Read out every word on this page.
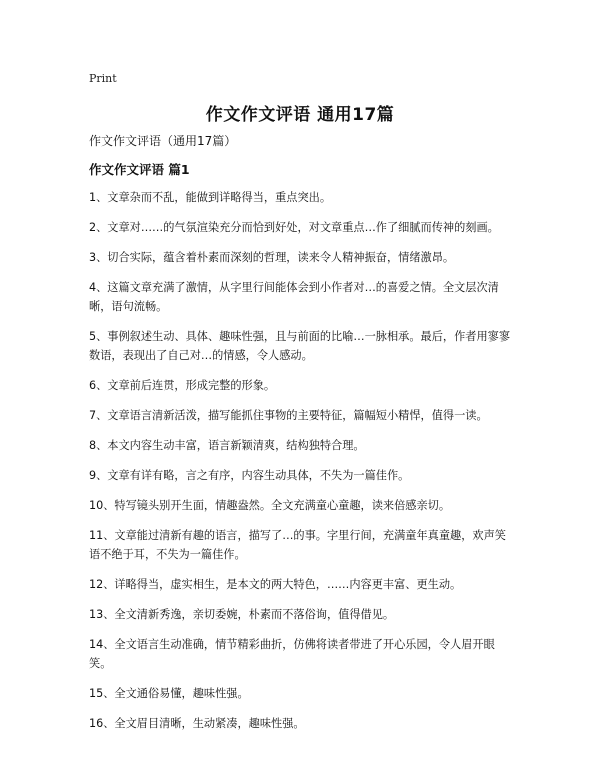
Print
作文作文评语 通用17篇
作文作文评语（通用17篇）
作文作文评语 篇1
1、文章杂而不乱，能做到详略得当，重点突出。
2、文章对……的气氛渲染充分而恰到好处，对文章重点…作了细腻而传神的刻画。
3、切合实际，蕴含着朴素而深刻的哲理，读来令人精神振奋，情绪激昂。
4、这篇文章充满了激情，从字里行间能体会到小作者对…的喜爱之情。全文层次清晰，语句流畅。
5、事例叙述生动、具体、趣味性强，且与前面的比喻…一脉相承。最后，作者用寥寥数语，表现出了自己对…的情感，令人感动。
6、文章前后连贯，形成完整的形象。
7、文章语言清新活泼，描写能抓住事物的主要特征，篇幅短小精悍，值得一读。
8、本文内容生动丰富，语言新颖清爽，结构独特合理。
9、文章有详有略，言之有序，内容生动具体，不失为一篇佳作。
10、特写镜头别开生面，情趣盎然。全文充满童心童趣，读来倍感亲切。
11、文章能过清新有趣的语言，描写了…的事。字里行间，充满童年真童趣，欢声笑语不绝于耳，不失为一篇佳作。
12、详略得当，虚实相生，是本文的两大特色，……内容更丰富、更生动。
13、全文清新秀逸，亲切委婉，朴素而不落俗询，值得借见。
14、全文语言生动准确，情节精彩曲折，仿佛将读者带进了开心乐园，令人眉开眼笑。
15、全文通俗易懂，趣味性强。
16、全文眉目清晰，生动紧凑，趣味性强。
